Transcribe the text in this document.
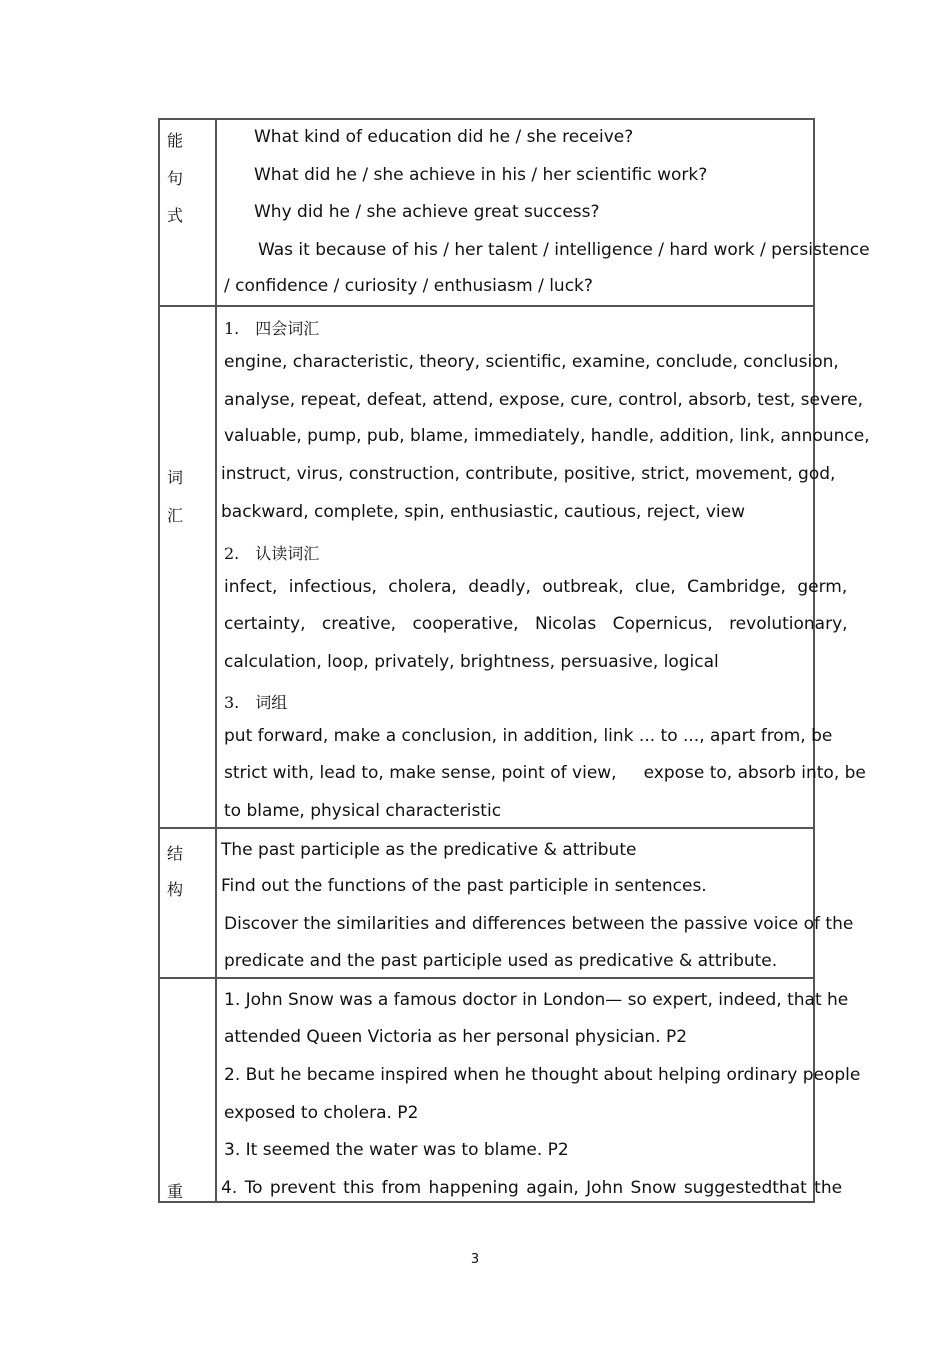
能
句
式
What kind of education did he / she receive?
What did he / she achieve in his / her scientific work?
Why did he / she achieve great success?
Was it because of his / her talent / intelligence / hard work / persistence
/ confidence / curiosity / enthusiasm / luck?
词
汇
1.　四会词汇
engine, characteristic, theory, scientific, examine, conclude, conclusion,
analyse, repeat, defeat, attend, expose, cure, control, absorb, test, severe,
valuable, pump, pub, blame, immediately, handle, addition, link, announce,
instruct, virus, construction, contribute, positive, strict, movement, god,
backward, complete, spin, enthusiastic, cautious, reject, view
2.　认读词汇
infect, infectious, cholera, deadly, outbreak, clue, Cambridge, germ,
certainty, creative, cooperative, Nicolas Copernicus, revolutionary,
calculation, loop, privately, brightness, persuasive, logical
3.　词组
put forward, make a conclusion, in addition, link ... to ..., apart from, be
strict with, lead to, make sense, point of view,     expose to, absorb into, be
to blame, physical characteristic
结
构
The past participle as the predicative & attribute
Find out the functions of the past participle in sentences.
Discover the similarities and differences between the passive voice of the
predicate and the past participle used as predicative & attribute.
重
1. John Snow was a famous doctor in London— so expert, indeed, that he
attended Queen Victoria as her personal physician. P2
2. But he became inspired when he thought about helping ordinary people
exposed to cholera. P2
3. It seemed the water was to blame. P2
4. To prevent this from happening again, John Snow suggestedthat the
3
